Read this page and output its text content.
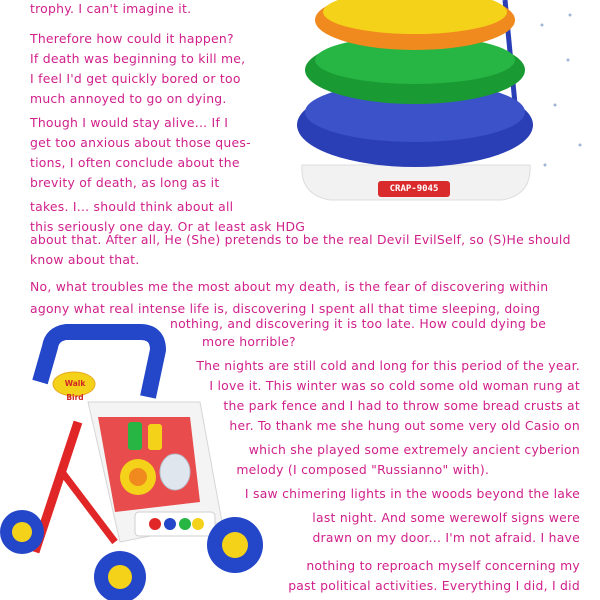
CRAP-9045
Walk Bird
trophy. I can't imagine it.
Therefore how could it happen?
If death was beginning to kill me,
I feel I'd get quickly bored or too
much annoyed to go on dying.
Though I would stay alive... If I
get too anxious about those ques-
tions, I often conclude about the
brevity of death, as long as it
takes. I... should think about all
this seriously one day. Or at least ask HDG
about that. After all, He (She) pretends to be the real Devil EvilSelf, so (S)He should
know about that.
No, what troubles me the most about my death, is the fear of discovering within
agony what real intense life is, discovering I spent all that time sleeping, doing
nothing, and discovering it is too late. How could dying be
more horrible?
The nights are still cold and long for this period of the year.
I love it. This winter was so cold some old woman rung at
the park fence and I had to throw some bread crusts at
her. To thank me she hung out some very old Casio on
which she played some extremely ancient cyberion
melody (I composed "Russianno" with).
I saw chimering lights in the woods beyond the lake
last night. And some werewolf signs were
drawn on my door... I'm not afraid. I have
nothing to reproach myself concerning my
past political activities. Everything I did, I did
